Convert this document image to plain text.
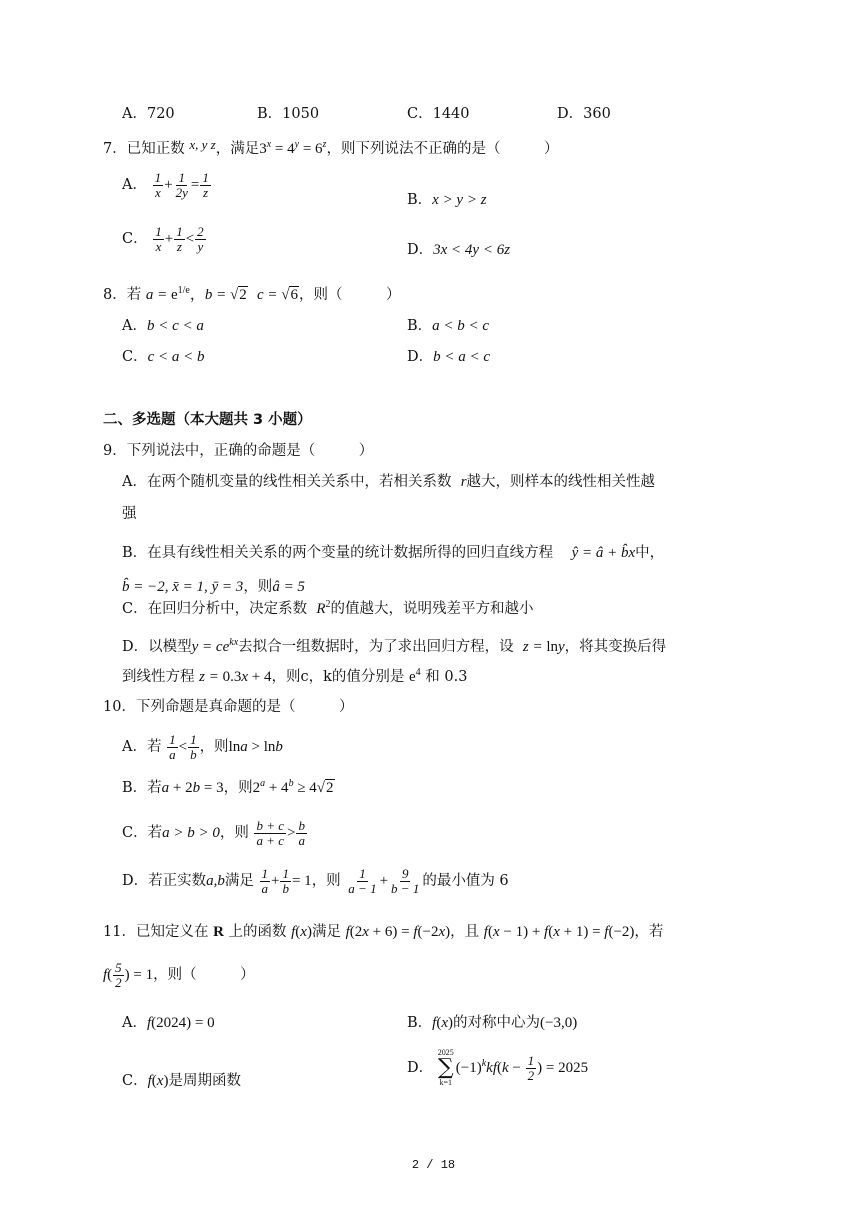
A．720	B．1050	C．1440	D．360
7．已知正数 x, y z，满足$3^x = 4^y = 6^z$，则下列说法不正确的是（　　　）
A． $\frac{1}{x} + \frac{1}{2y} = \frac{1}{z}$
B．x > y > z
C． $\frac{1}{x} + \frac{1}{z} < \frac{2}{y}$	D．3x < 4y < 6z
8．若 $a = e^{1/e}$，b = √2 c = √6，则（　　　）
A．b < c < a	B．a < b < c
C．c < a < b	D．b < a < c
二、多选题（本大题共 3 小题）
9．下列说法中，正确的命题是（　　　）
A．在两个随机变量的线性相关关系中，若相关系数 r越大，则样本的线性相关性越
强
B．在具有线性相关关系的两个变量的统计数据所得的回归直线方程 ŷ = â + b̂x中，
b̂ = −2, x̄ = 1, ȳ = 3，则â = 5
C．在回归分析中，决定系数 $R^2$的值越大，说明残差平方和越小
D．以模型$y = ce^{kx}$去拟合一组数据时，为了求出回归方程，设 z = lny，将其变换后得
到线性方程 z = 0.3x + 4，则c，k的值分别是 $e^4$ 和 0.3
10．下列命题是真命题的是（　　　）
A．若 $\frac{1}{a} < \frac{1}{b}$ ，则lna > lnb
B．若a + 2b = 3，则$2^a + 4^b \ge 4√2$
C．若a > b > 0，则 $\frac{b + c}{a + c} > \frac{b}{a}$
D．若正实数a,b满足 $\frac{1}{a} + \frac{1}{b} = 1$，则 $\frac{1}{a - 1} + \frac{9}{b - 1}$ 的最小值为 6
11．已知定义在 R 上的函数 f(x)满足 f(2x + 6) = f(−2x)，且 f(x − 1) + f(x + 1) = f(−2)，若
$f( \frac{5}{2}$ ) = 1，则（　　　）
A．f(2024) = 0	B．f(x)的对称中心为(−3,0)
C．f(x)是周期函数
D．
2025
∑
k=1
$(-1)^kkf(k - \frac{1}{2}$ ) = 2025
2 / 18
